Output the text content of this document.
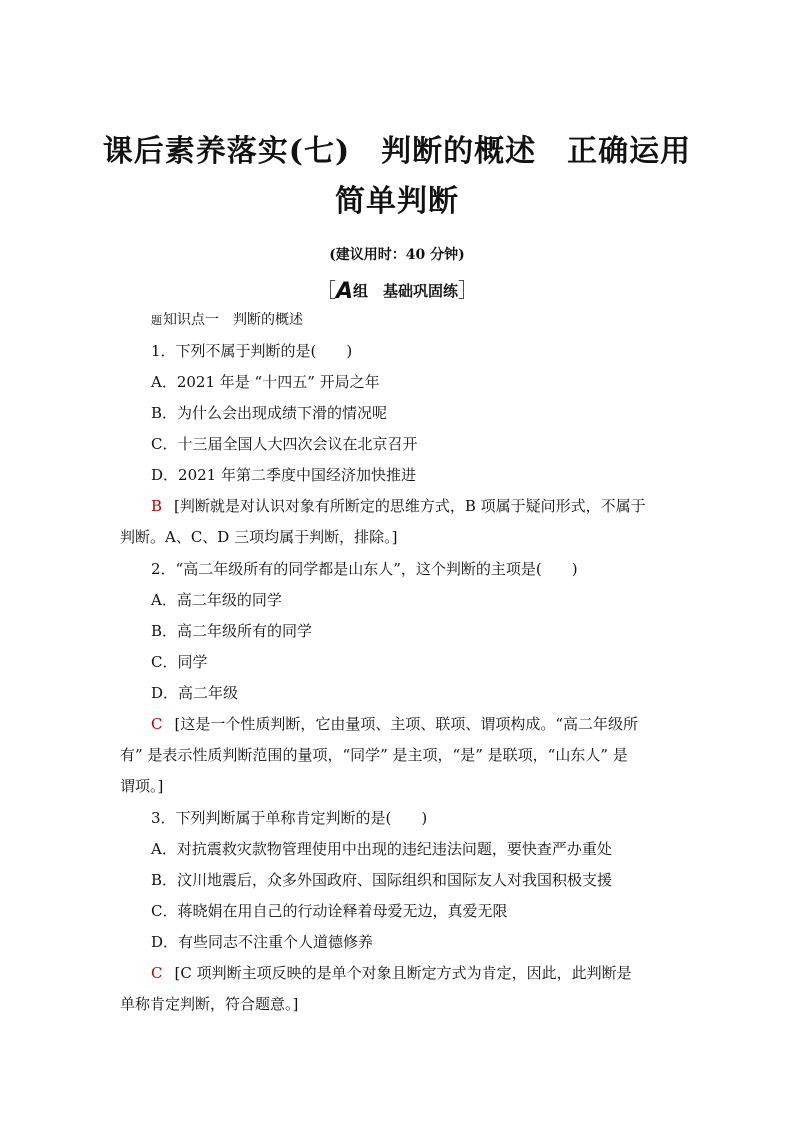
课后素养落实(七)　判断的概述　正确运用
简单判断
(建议用时：40 分钟)
［A组　基础巩固练］
题知识点一　判断的概述
1．下列不属于判断的是(　　)
A．2021 年是 “十四五” 开局之年
B．为什么会出现成绩下滑的情况呢
C．十三届全国人大四次会议在北京召开
D．2021 年第二季度中国经济加快推进
B [判断就是对认识对象有所断定的思维方式，B 项属于疑问形式，不属于
判断。A、C、D 三项均属于判断，排除。]
2．“高二年级所有的同学都是山东人”，这个判断的主项是(　　)
A．高二年级的同学
B．高二年级所有的同学
C．同学
D．高二年级
C [这是一个性质判断，它由量项、主项、联项、谓项构成。“高二年级所
有” 是表示性质判断范围的量项，“同学” 是主项，“是” 是联项，“山东人” 是
谓项。]
3．下列判断属于单称肯定判断的是(　　)
A．对抗震救灾款物管理使用中出现的违纪违法问题，要快查严办重处
B．汶川地震后，众多外国政府、国际组织和国际友人对我国积极支援
C．蒋晓娟在用自己的行动诠释着母爱无边，真爱无限
D．有些同志不注重个人道德修养
C [C 项判断主项反映的是单个对象且断定方式为肯定，因此，此判断是
单称肯定判断，符合题意。]
